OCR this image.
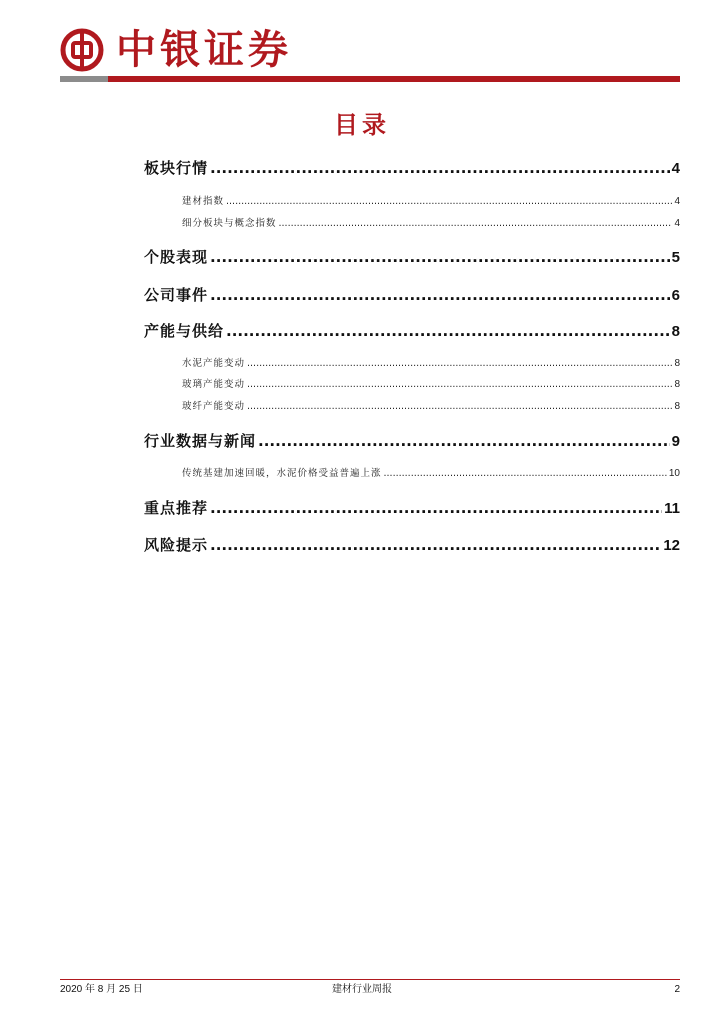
中银证券
目录
板块行情 .....	4
建材指数 .....	4
细分板块与概念指数 .....	4
个股表现 .....	5
公司事件 .....	6
产能与供给 .....	8
水泥产能变动 .....	8
玻璃产能变动 .....	8
玻纤产能变动 .....	8
行业数据与新闻 .....	9
传统基建加速回暖，水泥价格受益普遍上涨 .....	10
重点推荐 .....	11
风险提示 .....	12
2020 年 8 月 25 日	建材行业周报	2
